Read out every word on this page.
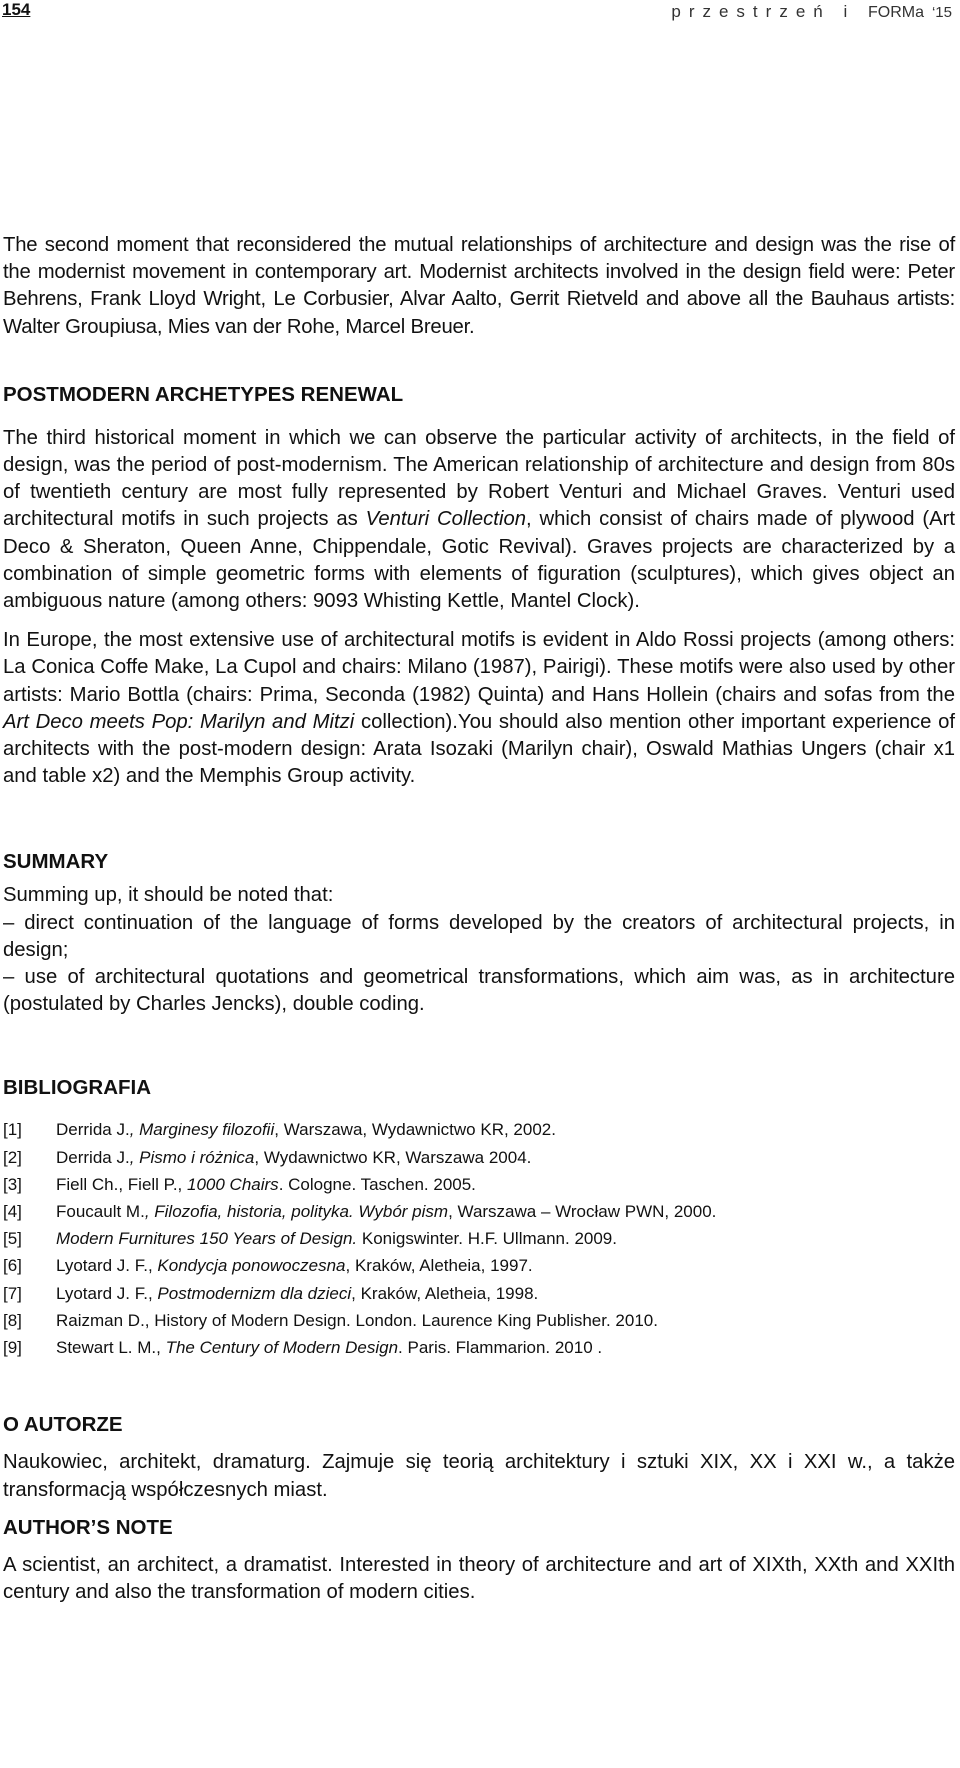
154	przestrzeń i FORMa ‘15

The second moment that reconsidered the mutual relationships of architecture and design was the rise of the modernist movement in contemporary art. Modernist architects involved in the design field were: Peter Behrens, Frank Lloyd Wright, Le Corbusier, Alvar Aalto, Gerrit Rietveld and above all the Bauhaus artists: Walter Groupiusa, Mies van der Rohe, Marcel Breuer.

POSTMODERN ARCHETYPES RENEWAL

The third historical moment in which we can observe the particular activity of architects, in the field of design, was the period of post-modernism. The American relationship of architecture and design from 80s of twentieth century are most fully represented by Robert Venturi and Michael Graves. Venturi used architectural motifs in such projects as Venturi Collection, which consist of chairs made of plywood (Art Deco & Sheraton, Queen Anne, Chippendale, Gotic Revival). Graves projects are characterized by a combination of simple geometric forms with elements of figuration (sculptures), which gives object an ambiguous nature (among others: 9093 Whisting Kettle, Mantel Clock).

In Europe, the most extensive use of architectural motifs is evident in Aldo Rossi projects (among others: La Conica Coffe Make, La Cupol and chairs: Milano (1987), Pairigi). These motifs were also used by other artists: Mario Bottla (chairs: Prima, Seconda (1982) Quinta) and Hans Hollein (chairs and sofas from the Art Deco meets Pop: Marilyn and Mitzi collection).You should also mention other important experience of architects with the post-modern design: Arata Isozaki (Marilyn chair), Oswald Mathias Ungers (chair x1 and table x2) and the Memphis Group activity.

SUMMARY

Summing up, it should be noted that:

– direct continuation of the language of forms developed by the creators of architectural projects, in design;

– use of architectural quotations and geometrical transformations, which aim was, as in architecture (postulated by Charles Jencks), double coding.

BIBLIOGRAFIA
[1]	Derrida J., Marginesy filozofii, Warszawa, Wydawnictwo KR, 2002.
[2]	Derrida J., Pismo i różnica, Wydawnictwo KR, Warszawa 2004.
[3]	Fiell Ch., Fiell P., 1000 Chairs. Cologne. Taschen. 2005.
[4]	Foucault M., Filozofia, historia, polityka. Wybór pism, Warszawa – Wrocław PWN, 2000.
[5]	Modern Furnitures 150 Years of Design. Konigswinter. H.F. Ullmann. 2009.
[6]	Lyotard J. F., Kondycja ponowoczesna, Kraków, Aletheia, 1997.
[7]	Lyotard J. F., Postmodernizm dla dzieci, Kraków, Aletheia, 1998.
[8]	Raizman D., History of Modern Design. London. Laurence King Publisher. 2010.
[9]	Stewart L. M., The Century of Modern Design. Paris. Flammarion. 2010 .
O AUTORZE

Naukowiec, architekt, dramaturg. Zajmuje się teorią architektury i sztuki XIX, XX i XXI w., a także transformacją współczesnych miast.

AUTHOR’S NOTE

A scientist, an architect, a dramatist. Interested in theory of architecture and art of XIXth, XXth and XXIth century and also the transformation of modern cities.
